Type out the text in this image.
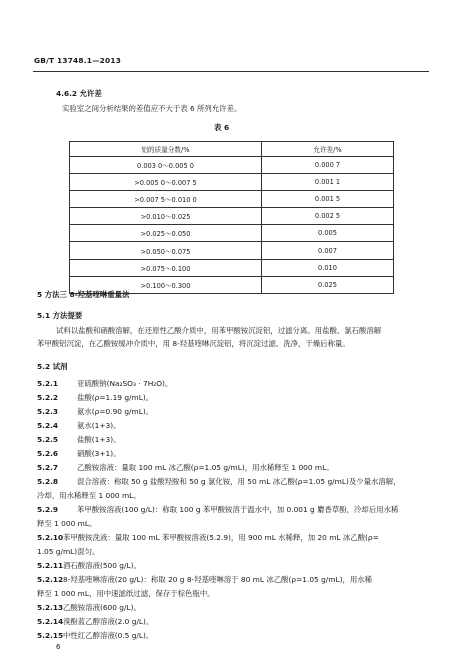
GB/T 13748.1—2013
4.6.2 允许差
实验室之间分析结果的差值应不大于表 6 所列允许差。
表 6
铝的质量分数/%	允许差/%
0.003 0～0.005 0	0.000 7
>0.005 0～0.007 5	0.001 1
>0.007 5～0.010 0	0.001 5
>0.010～0.025	0.002 5
>0.025～0.050	0.005
>0.050～0.075	0.007
>0.075～0.100	0.010
>0.100～0.300	0.025
5 方法三 8-羟基喹啉重量法
5.1 方法提要
试料以盐酸和硝酸溶解，在还原性乙酸介质中，用苯甲酸铵沉淀铝，过滤分离。用盐酸、氯石酸溶解
苯甲酸铝沉淀，在乙酸铵缓冲介质中，用 8-羟基喹啉沉淀铝，将沉淀过滤、洗净，干燥后称量。
5.2 试剂
5.2.1	亚硫酸钠(Na₂SO₃ · 7H₂O)。
5.2.2	盐酸(ρ=1.19 g/mL)。
5.2.3	氨水(ρ=0.90 g/mL)。
5.2.4	氨水(1+3)。
5.2.5	盐酸(1+3)。
5.2.6	硝酸(3+1)。
5.2.7	乙酸铵溶液：量取 100 mL 冰乙酸(ρ=1.05 g/mL)，用水稀释至 1 000 mL。
5.2.8	混合溶液：称取 50 g 盐酸羟胺和 50 g 氯化铵，用 50 mL 冰乙酸(ρ=1.05 g/mL)及少量水溶解，
冷却，用水稀释至 1 000 mL。
5.2.9	苯甲酸铵溶液(100 g/L)：称取 100 g 苯甲酸铵溶于温水中，加 0.001 g 麝香草酚，冷却后用水稀
释至 1 000 mL。
5.2.10苯甲酸铵洗液：量取 100 mL 苯甲酸铵溶液(5.2.9)，用 900 mL 水稀释，加 20 mL 冰乙酸(ρ=
1.05 g/mL)混匀。
5.2.11酒石酸溶液(500 g/L)。
5.2.128-羟基喹啉溶液(20 g/L)：称取 20 g 8-羟基喹啉溶于 80 mL 冰乙酸(ρ=1.05 g/mL)，用水稀
释至 1 000 mL，用中速滤纸过滤，保存于棕色瓶中。
5.2.13乙酸铵溶液(600 g/L)。
5.2.14溴酚蓝乙醇溶液(2.0 g/L)。
5.2.15中性红乙醇溶液(0.5 g/L)。
6
